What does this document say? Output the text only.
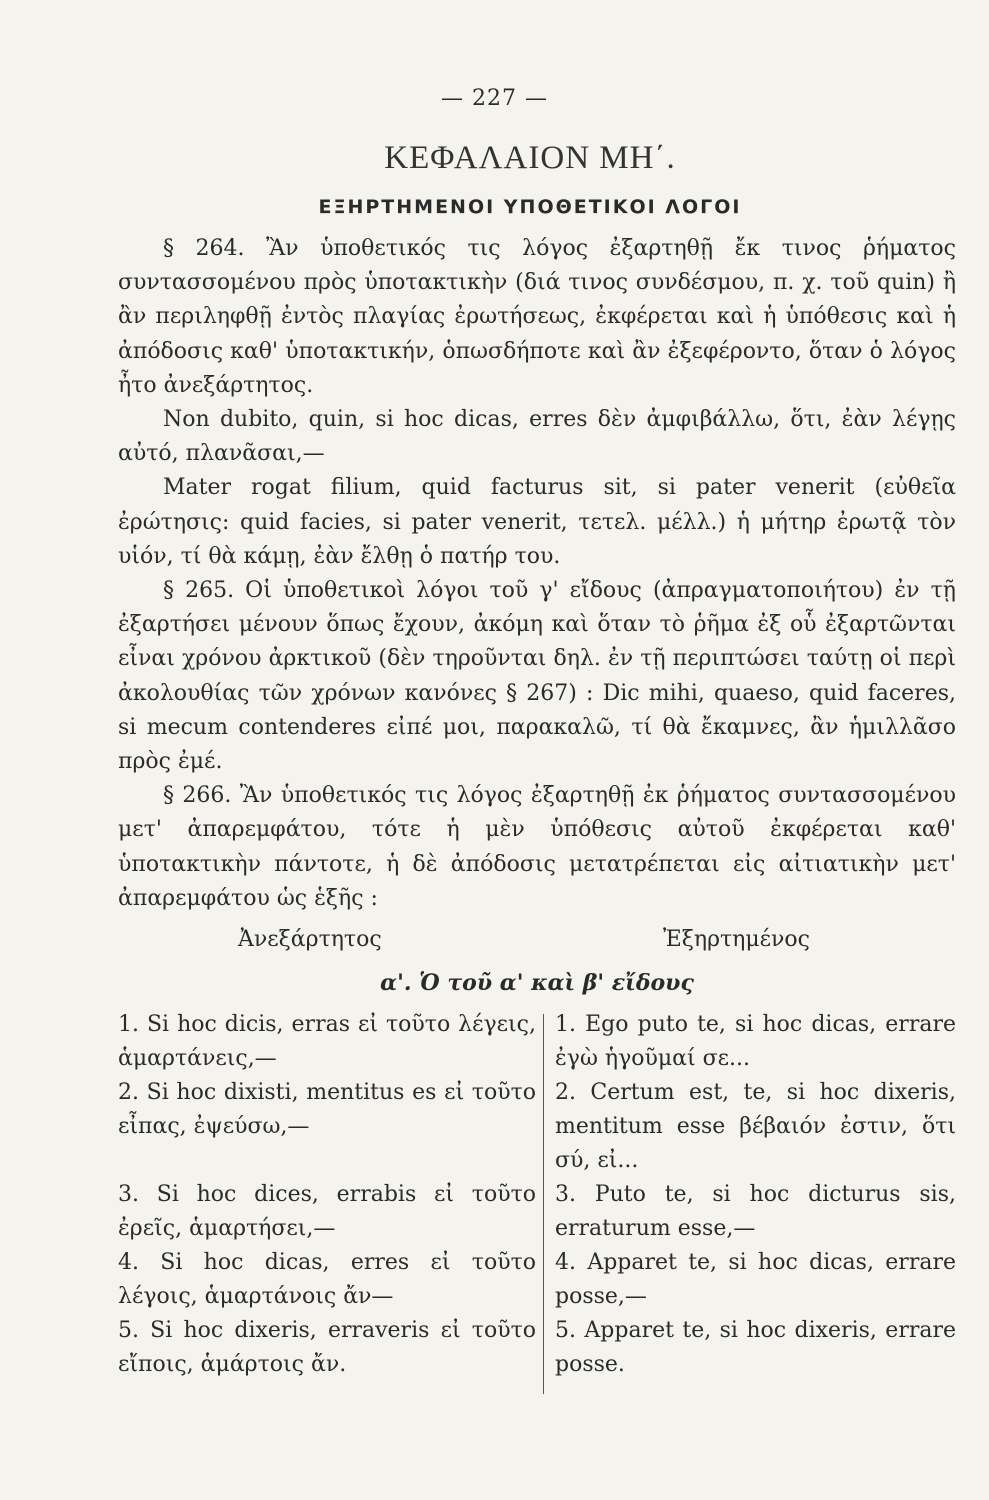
— 227 —
ΚΕΦΑΛΑΙΟΝ ΜΗ΄.
ΕΞΗΡΤΗΜΕΝΟΙ ΥΠΟΘΕΤΙΚΟΙ ΛΟΓΟΙ

§ 264. Ἂν ὑποθετικός τις λόγος ἐξαρτηθῇ ἔκ τινος ῥήματος συντασσομένου πρὸς ὑποτακτικὴν (διά τινος συνδέσμου, π. χ. τοῦ quin) ἢ ἂν περιληφθῇ ἐντὸς πλαγίας ἐρωτήσεως, ἐκφέρεται καὶ ἡ ὑπόθεσις καὶ ἡ ἀπόδοσις καθ' ὑποτακτικήν, ὁπωσδήποτε καὶ ἂν ἐξεφέροντο, ὅταν ὁ λόγος ἦτο ἀνεξάρτητος.

Non dubito, quin, si hoc dicas, erres δὲν ἀμφιβάλλω, ὅτι, ἐὰν λέγῃς αὐτό, πλανᾶσαι,—

Mater rogat filium, quid facturus sit, si pater venerit (εὐθεῖα ἐρώτησις: quid facies, si pater venerit, τετελ. μέλλ.) ἡ μήτηρ ἐρωτᾷ τὸν υἱόν, τί θὰ κάμῃ, ἐὰν ἔλθῃ ὁ πατήρ του.

§ 265. Οἱ ὑποθετικοὶ λόγοι τοῦ γ' εἴδους (ἀπραγματοποιήτου) ἐν τῇ ἐξαρτήσει μένουν ὅπως ἔχουν, ἀκόμη καὶ ὅταν τὸ ῥῆμα ἐξ οὗ ἐξαρτῶνται εἶναι χρόνου ἀρκτικοῦ (δὲν τηροῦνται δηλ. ἐν τῇ περιπτώσει ταύτῃ οἱ περὶ ἀκολουθίας τῶν χρόνων κανόνες § 267) : Dic mihi, quaeso, quid faceres, si mecum contenderes εἰπέ μοι, παρακαλῶ, τί θὰ ἔκαμνες, ἂν ἡμιλλᾶσο πρὸς ἐμέ.

§ 266. Ἂν ὑποθετικός τις λόγος ἐξαρτηθῇ ἐκ ῥήματος συντασσομένου μετ' ἀπαρεμφάτου, τότε ἡ μὲν ὑπόθεσις αὐτοῦ ἐκφέρεται καθ' ὑποτακτικὴν πάντοτε, ἡ δὲ ἀπόδοσις μετατρέπεται εἰς αἰτιατικὴν μετ' ἀπαρεμφάτου ὡς ἑξῆς :

Ἀνεξάρτητος	Ἐξηρτημένος
α'. Ὁ τοῦ α' καὶ β' εἴδους

1. Si hoc dicis, erras εἰ τοῦτο λέγεις, ἁμαρτάνεις,—

2. Si hoc dixisti, mentitus es εἰ τοῦτο εἶπας, ἐψεύσω,—

3. Si hoc dices, errabis εἰ τοῦτο ἐρεῖς, ἁμαρτήσει,—

4. Si hoc dicas, erres εἰ τοῦτο λέγοις, ἁμαρτάνοις ἄν—

5. Si hoc dixeris, erraveris εἰ τοῦτο εἴποις, ἁμάρτοις ἄν.

1. Ego puto te, si hoc dicas, errare ἐγὼ ἡγοῦμαί σε...

2. Certum est, te, si hoc dixeris, mentitum esse βέβαιόν ἐστιν, ὅτι σύ, εἰ...

3. Puto te, si hoc dicturus sis, erraturum esse,—

4. Apparet te, si hoc dicas, errare posse,—

5. Apparet te, si hoc dixeris, errare posse.
